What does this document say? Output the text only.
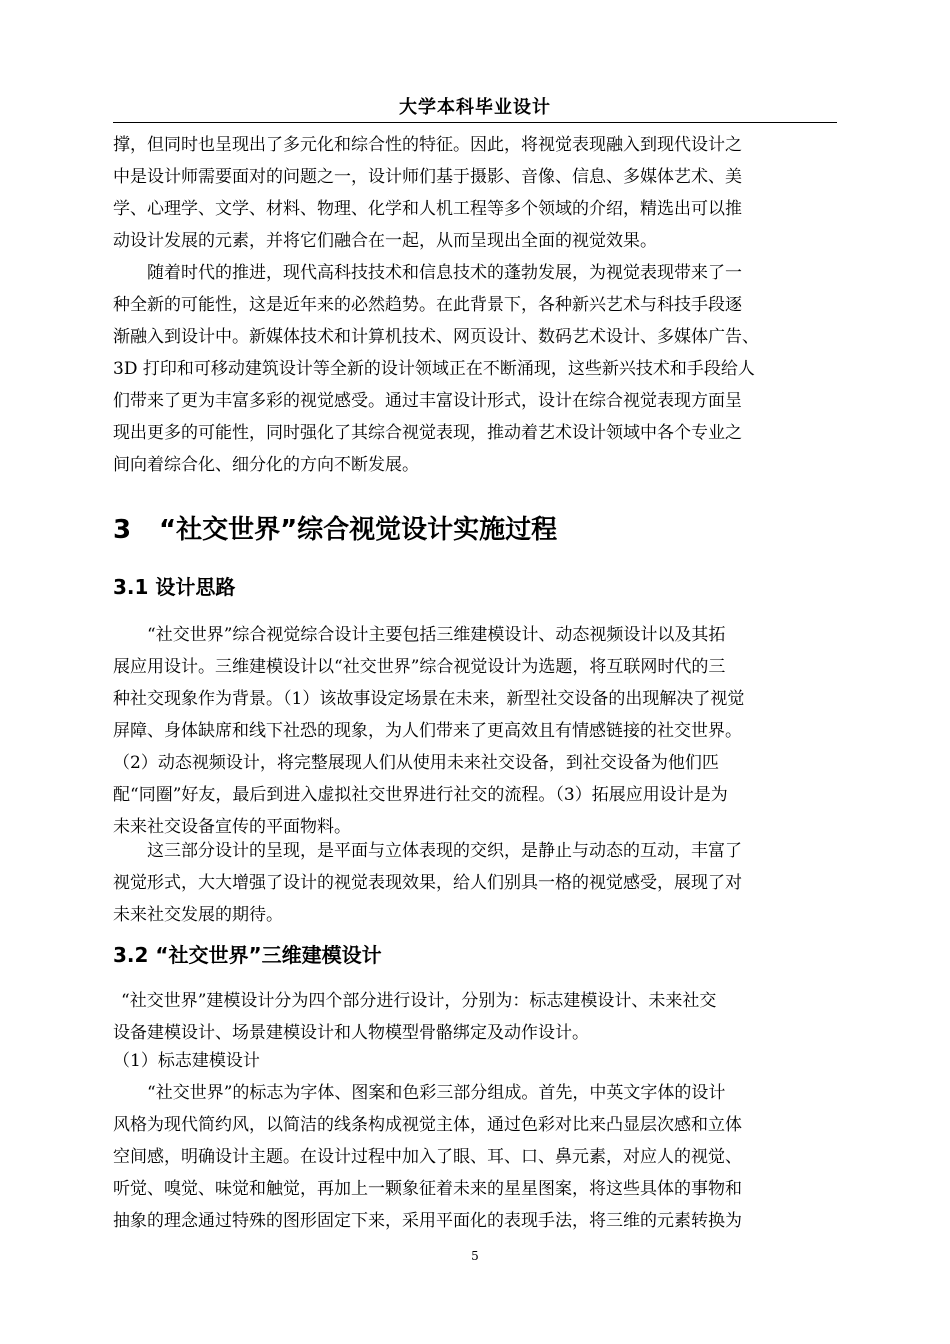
大学本科毕业设计
撑，但同时也呈现出了多元化和综合性的特征。因此，将视觉表现融入到现代设计之
中是设计师需要面对的问题之一，设计师们基于摄影、音像、信息、多媒体艺术、美
学、心理学、文学、材料、物理、化学和人机工程等多个领域的介绍，精选出可以推
动设计发展的元素，并将它们融合在一起，从而呈现出全面的视觉效果。
随着时代的推进，现代高科技技术和信息技术的蓬勃发展，为视觉表现带来了一
种全新的可能性，这是近年来的必然趋势。在此背景下，各种新兴艺术与科技手段逐
渐融入到设计中。新媒体技术和计算机技术、网页设计、数码艺术设计、多媒体广告、
3D 打印和可移动建筑设计等全新的设计领域正在不断涌现，这些新兴技术和手段给人
们带来了更为丰富多彩的视觉感受。通过丰富设计形式，设计在综合视觉表现方面呈
现出更多的可能性，同时强化了其综合视觉表现，推动着艺术设计领域中各个专业之
间向着综合化、细分化的方向不断发展。
3 “社交世界”综合视觉设计实施过程
3.1 设计思路
“社交世界”综合视觉综合设计主要包括三维建模设计、动态视频设计以及其拓
展应用设计。三维建模设计以“社交世界”综合视觉设计为选题，将互联网时代的三
种社交现象作为背景。（1）该故事设定场景在未来，新型社交设备的出现解决了视觉
屏障、身体缺席和线下社恐的现象，为人们带来了更高效且有情感链接的社交世界。
（2）动态视频设计，将完整展现人们从使用未来社交设备，到社交设备为他们匹
配“同圈”好友，最后到进入虚拟社交世界进行社交的流程。（3）拓展应用设计是为
未来社交设备宣传的平面物料。
这三部分设计的呈现，是平面与立体表现的交织，是静止与动态的互动，丰富了
视觉形式，大大增强了设计的视觉表现效果，给人们别具一格的视觉感受，展现了对
未来社交发展的期待。
3.2 “社交世界”三维建模设计
“社交世界”建模设计分为四个部分进行设计，分别为：标志建模设计、未来社交
设备建模设计、场景建模设计和人物模型骨骼绑定及动作设计。
（1）标志建模设计
“社交世界”的标志为字体、图案和色彩三部分组成。首先，中英文字体的设计
风格为现代简约风，以简洁的线条构成视觉主体，通过色彩对比来凸显层次感和立体
空间感，明确设计主题。在设计过程中加入了眼、耳、口、鼻元素，对应人的视觉、
听觉、嗅觉、味觉和触觉，再加上一颗象征着未来的星星图案，将这些具体的事物和
抽象的理念通过特殊的图形固定下来，采用平面化的表现手法，将三维的元素转换为
5
